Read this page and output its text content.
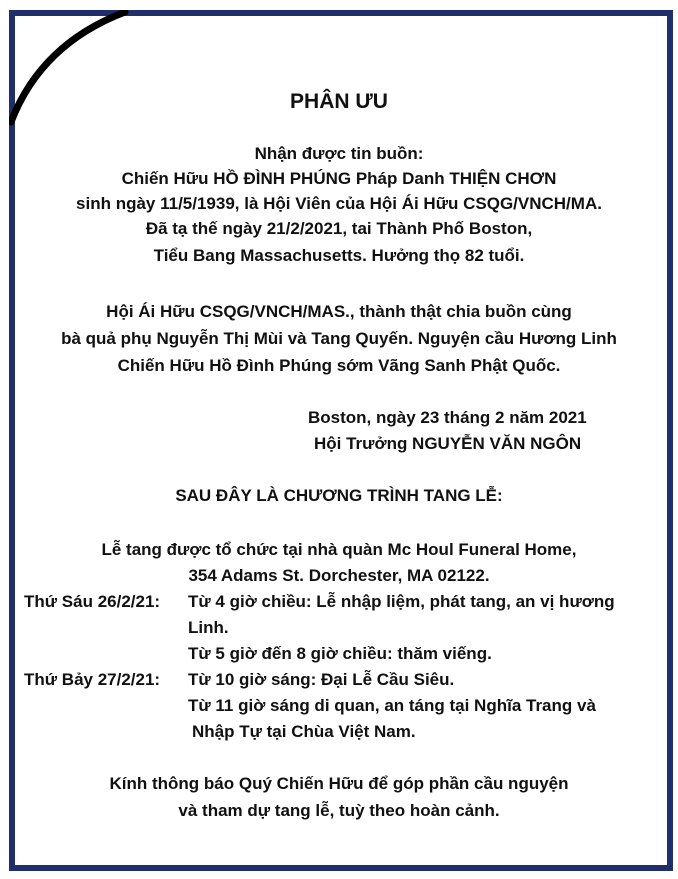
PHÂN ƯU
Nhận được tin buồn:
Chiến Hữu HỒ ĐÌNH PHÚNG Pháp Danh THIỆN CHƠN
sinh ngày 11/5/1939, là Hội Viên của Hội Ái Hữu CSQG/VNCH/MA.
Đã tạ thế ngày 21/2/2021, tai Thành Phố Boston,
Tiểu Bang Massachusetts. Hưởng thọ 82 tuổi.
Hội Ái Hữu CSQG/VNCH/MAS., thành thật chia buồn cùng
bà quả phụ Nguyễn Thị Mùi và Tang Quyến. Nguyện cầu Hương Linh
Chiến Hữu Hồ Đình Phúng sớm Vãng Sanh Phật Quốc.
Boston, ngày 23 tháng 2 năm 2021
Hội Trưởng NGUYỄN VĂN NGÔN
SAU ĐÂY LÀ CHƯƠNG TRÌNH TANG LỄ:
Lễ tang được tổ chức tại nhà quàn Mc Houl Funeral Home,
354 Adams St. Dorchester, MA 02122.
Thứ Sáu 26/2/21: Từ 4 giờ chiều: Lễ nhập liệm, phát tang, an vị hương
Linh.
Từ 5 giờ đến 8 giờ chiều: thăm viếng.
Thứ Bảy 27/2/21: Từ 10 giờ sáng: Đại Lễ Cầu Siêu.
Từ 11 giờ sáng di quan, an táng tại Nghĩa Trang và
Nhập Tự tại Chùa Việt Nam.
Kính thông báo Quý Chiến Hữu để góp phần cầu nguyện
và tham dự tang lễ, tuỳ theo hoàn cảnh.
